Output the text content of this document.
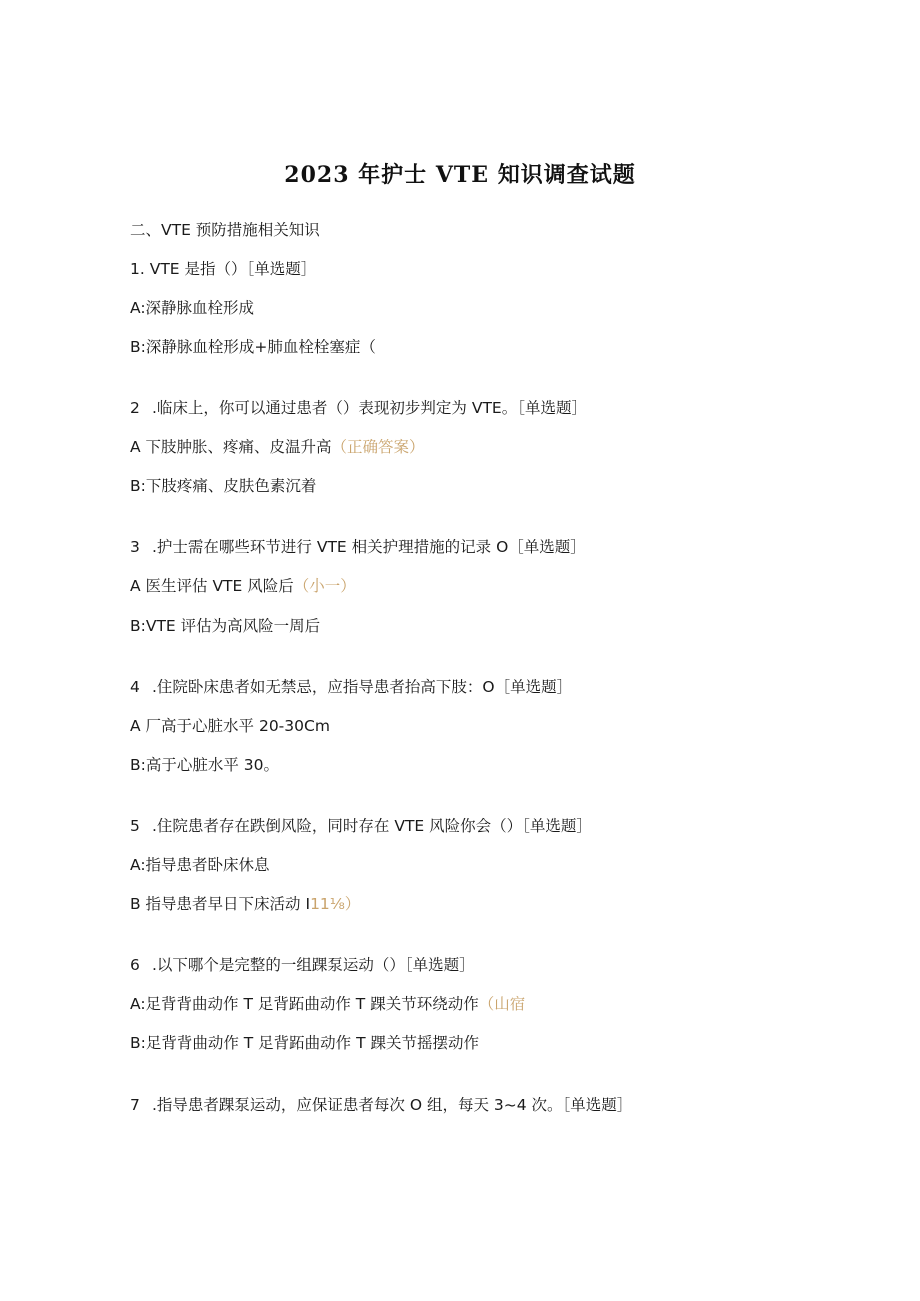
2023 年护士 VTE 知识调查试题
二、VTE 预防措施相关知识
1. VTE 是指（）［单选题］
A:深静脉血栓形成
B:深静脉血栓形成+肺血栓栓塞症（
2 .临床上，你可以通过患者（）表现初步判定为 VTE。［单选题］
A 下肢肿胀、疼痛、皮温升高（正确答案）
B:下肢疼痛、皮肤色素沉着
3 .护士需在哪些环节进行 VTE 相关护理措施的记录 O［单选题］
A 医生评估 VTE 风险后（小一）
B:VTE 评估为高风险一周后
4 .住院卧床患者如无禁忌，应指导患者抬高下肢：O［单选题］
A 厂高于心脏水平 20-30Cm
B:高于心脏水平 30。
5 .住院患者存在跌倒风险，同时存在 VTE 风险你会（）［单选题］
A:指导患者卧床休息
B 指导患者早日下床活动 I11⅛）
6 .以下哪个是完整的一组踝泵运动（）［单选题］
A:足背背曲动作 T 足背跖曲动作 T 踝关节环绕动作（山宿
B:足背背曲动作 T 足背跖曲动作 T 踝关节摇摆动作
7 .指导患者踝泵运动，应保证患者每次 O 组，每天 3~4 次。［单选题］
